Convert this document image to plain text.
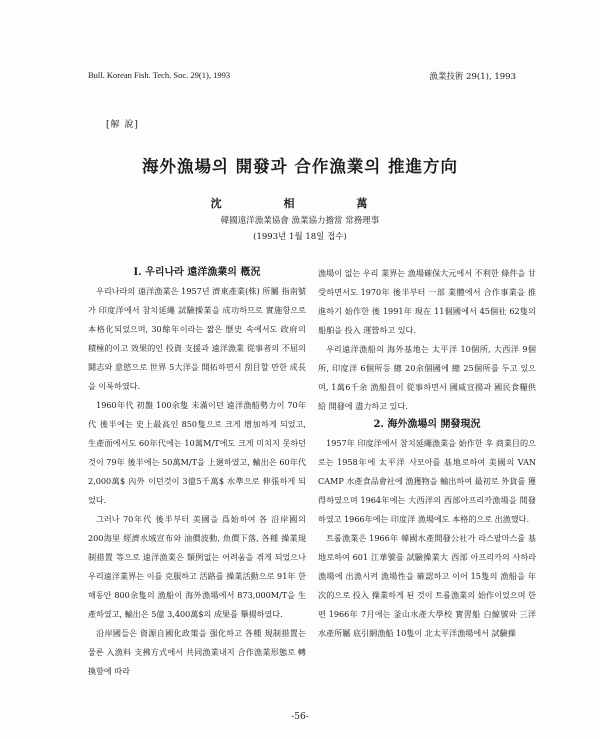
Bull. Korean Fish. Tech. Soc. 29(1), 1993	漁業技術 29(1), 1993
[解 說]
海外漁場의 開發과 合作漁業의 推進方向
沈 相 萬
韓國遠洋漁業協會 漁業協力擔當 常務理事
(1993년 1월 18일 접수)

Ⅰ. 우리나라 遠洋漁業의 槪況

우리나라의 遠洋漁業은 1957년 濟東產業(株) 所屬 指南號가 印度洋에서 참치延繩 試驗操業을 成功하므로 實施함으로 本格化되었으며, 30餘年이라는 짧은 歷史 속에서도 政府의 積極的이고 效果的인 投資 支援과 遠洋漁業 從事者의 不屈의 鬪志와 意慾으로 世界 5大洋을 開拓하면서 刮目할 만한 成長을 이룩하였다.

1960年代 初盤 100余隻 未滿이던 遠洋漁船勢力이 70年代 後半에는 史上最高인 850隻으로 크게 增加하게 되었고, 生產面에서도 60年代에는 10萬M/T에도 크게 미치지 못하던 것이 79年 後半에는 50萬M/T을 上廻하였고, 輸出은 60年代 2,000萬$ 內外 이던것이 3億5千萬$ 水準으로 伸張하게 되었다.

그러나 70年代 後半부터 美國을 爲始하여 各 沿岸國의 200海里 經濟水域宣布와 油價波動, 魚價下落, 各種 操業規制措置 等으로 遠洋漁業은 類例없는 어려움을 겪게 되었으나 우리遠洋業界는 이를 克服하고 活路를 操業活動으로 91年 한해동안 800余隻의 漁船이 海外漁場에서 873,000M/T을 生產하였고, 輸出은 5億 3,400萬$의 成果를 擧揚하였다.

沿岸國들은 資源自國化政策을 强化하고 各種 規制措置는 물론 入漁料 支拂方式에서 共同漁業내지 合作漁業形態로 轉換함에 따라

漁場이 없는 우리 業界는 漁場確保大元에서 不利한 條件을 甘受하면서도 1970年 後半부터 一部 業體에서 合作事業을 推進하기 始作한 後 1991年 現在 11個國에서 45個社 62隻의 船舶을 投入 運營하고 있다.

우리遠洋漁船의 海外基地는 太平洋 10個所, 大西洋 9個所, 印度洋 6個所등 總 20余個國에 總 25個所를 두고 있으며, 1萬6千余 漁船員이 從事하면서 國威宣揚과 國民食糧供給 開發에 盡力하고 있다.

2. 海外漁場의 開發現況

1957年 印度洋에서 참치延繩漁業을 始作한 후 商業目的으로는 1958年에 太平洋 사모아를 基地로하여 美國의 VAN CAMP 水產食品會社에 漁獲物을 輸出하여 最初로 外貨를 獲得하였으며 1964年에는 大西洋의 西部아프리카漁場을 開發하였고 1966年에는 印度洋 漁場에도 本格的으로 出漁했다.

트롤漁業은 1966年 韓國水產開發公社가 라스팔마스를 基地로하여 601 江華號를 試驗操業大 西部 아프리카의 사하라漁場에 出漁시켜 漁場性을 確認하고 이어 15隻의 漁船을 年次的으로 投入 操業하게 된 것이 트롤漁業의 始作이었으며 한편 1966年 7月에는 釜山水產大學校 實習船 白鯨號와 三洋水產所屬 底引網漁船 10隻이 北太平洋漁場에서 試驗操

-56-
